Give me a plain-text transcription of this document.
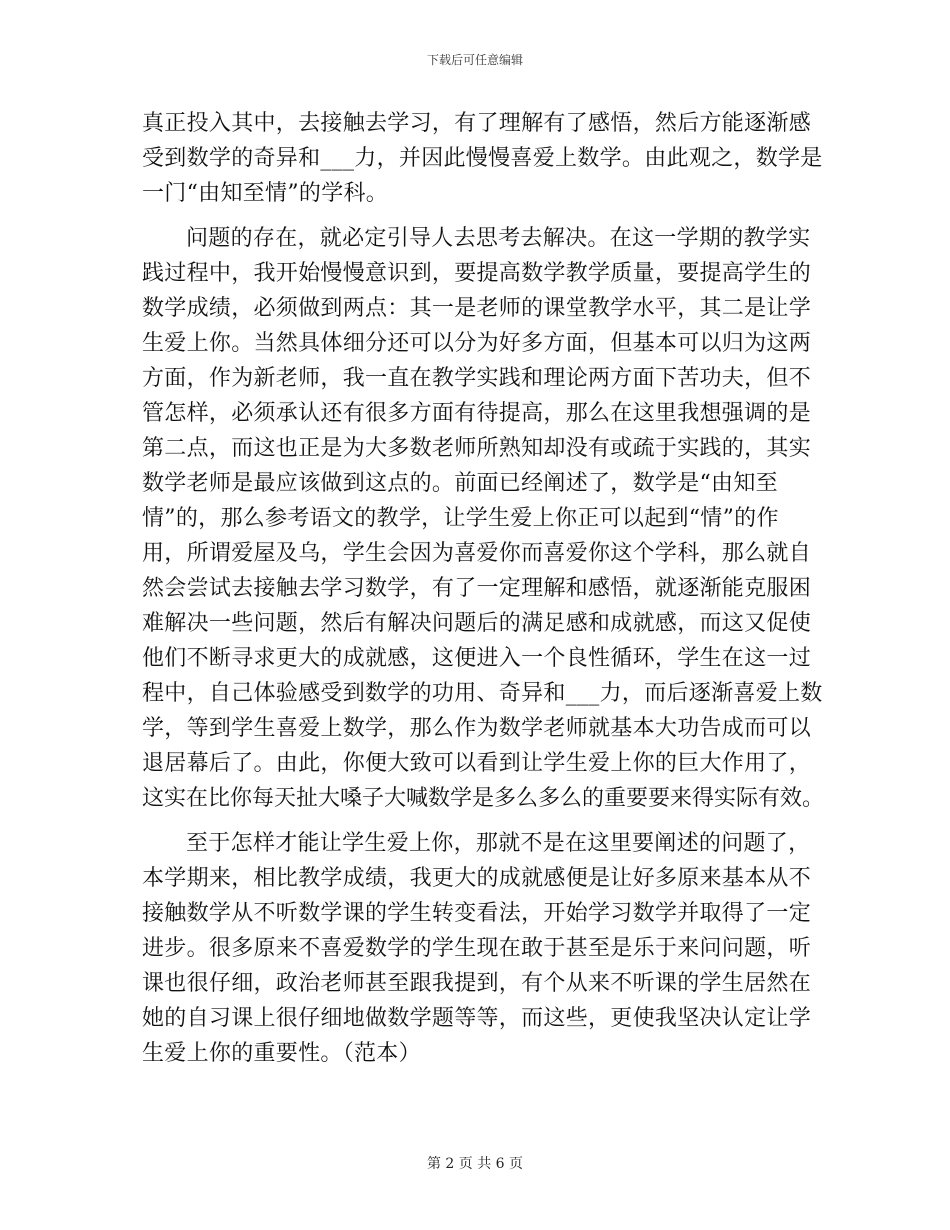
下载后可任意编辑
真正投入其中，去接触去学习，有了理解有了感悟，然后方能逐渐感
受到数学的奇异和___力，并因此慢慢喜爱上数学。由此观之，数学是
一门“由知至情”的学科。
问题的存在，就必定引导人去思考去解决。在这一学期的教学实
践过程中，我开始慢慢意识到，要提高数学教学质量，要提高学生的
数学成绩，必须做到两点：其一是老师的课堂教学水平，其二是让学
生爱上你。当然具体细分还可以分为好多方面，但基本可以归为这两
方面，作为新老师，我一直在教学实践和理论两方面下苦功夫，但不
管怎样，必须承认还有很多方面有待提高，那么在这里我想强调的是
第二点，而这也正是为大多数老师所熟知却没有或疏于实践的，其实
数学老师是最应该做到这点的。前面已经阐述了，数学是“由知至
情”的，那么参考语文的教学，让学生爱上你正可以起到“情”的作
用，所谓爱屋及乌，学生会因为喜爱你而喜爱你这个学科，那么就自
然会尝试去接触去学习数学，有了一定理解和感悟，就逐渐能克服困
难解决一些问题，然后有解决问题后的满足感和成就感，而这又促使
他们不断寻求更大的成就感，这便进入一个良性循环，学生在这一过
程中，自己体验感受到数学的功用、奇异和___力，而后逐渐喜爱上数
学，等到学生喜爱上数学，那么作为数学老师就基本大功告成而可以
退居幕后了。由此，你便大致可以看到让学生爱上你的巨大作用了，
这实在比你每天扯大嗓子大喊数学是多么多么的重要要来得实际有效。
至于怎样才能让学生爱上你，那就不是在这里要阐述的问题了，
本学期来，相比教学成绩，我更大的成就感便是让好多原来基本从不
接触数学从不听数学课的学生转变看法，开始学习数学并取得了一定
进步。很多原来不喜爱数学的学生现在敢于甚至是乐于来问问题，听
课也很仔细，政治老师甚至跟我提到，有个从来不听课的学生居然在
她的自习课上很仔细地做数学题等等，而这些，更使我坚决认定让学
生爱上你的重要性。（范本）
第 2 页 共 6 页
